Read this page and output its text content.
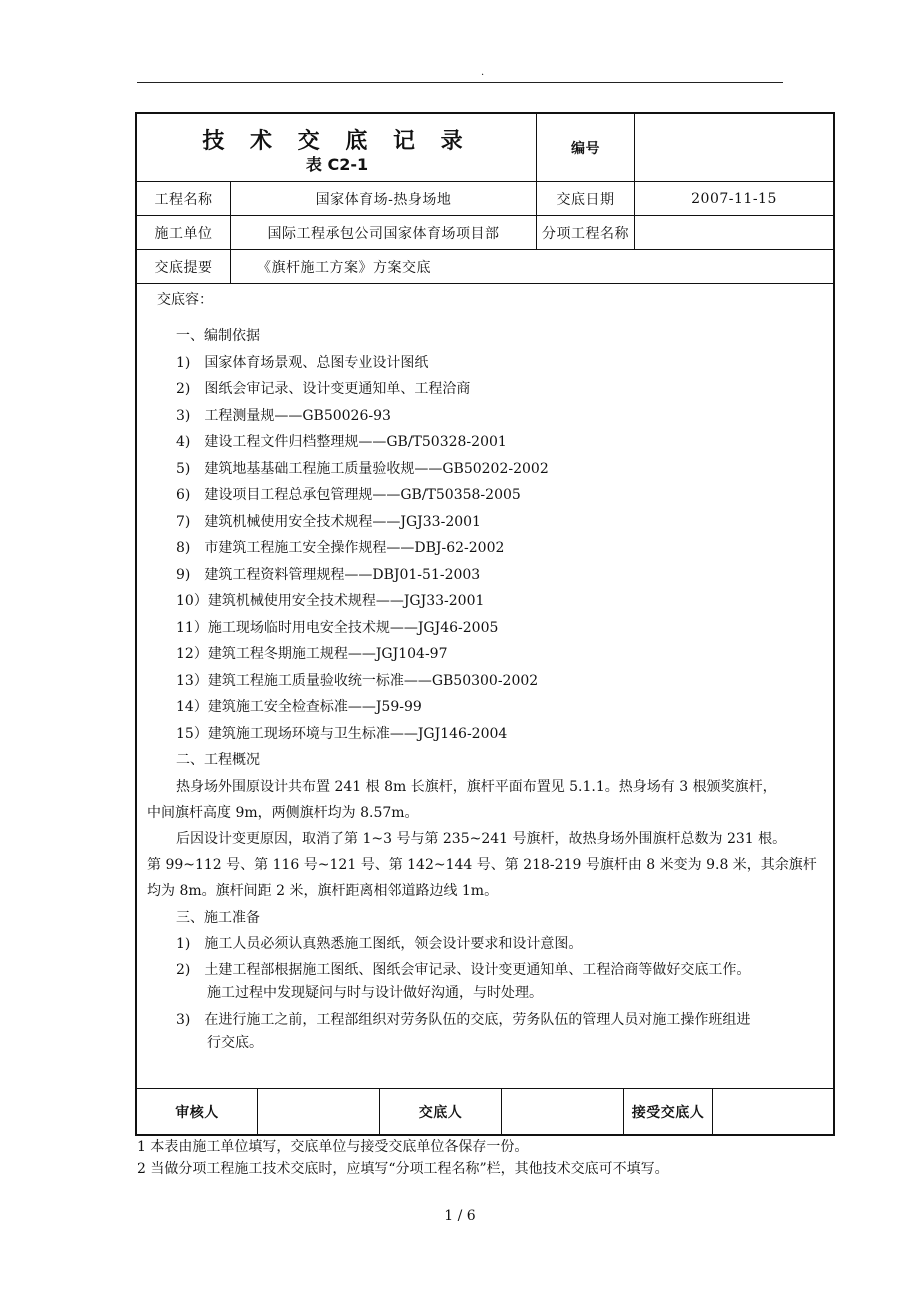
.
技 术 交 底 记 录
表 C2-1
编号
工程名称	国家体育场-热身场地	交底日期	2007-11-15
施工单位	国际工程承包公司国家体育场项目部	分项工程名称
交底提要	《旗杆施工方案》方案交底
交底容：
一、编制依据
1)　国家体育场景观、总图专业设计图纸
2)　图纸会审记录、设计变更通知单、工程洽商
3)　工程测量规——GB50026-93
4)　建设工程文件归档整理规——GB/T50328-2001
5)　建筑地基基础工程施工质量验收规——GB50202-2002
6)　建设项目工程总承包管理规——GB/T50358-2005
7)　建筑机械使用安全技术规程——JGJ33-2001
8)　市建筑工程施工安全操作规程——DBJ-62-2002
9)　建筑工程资料管理规程——DBJ01-51-2003
10）建筑机械使用安全技术规程——JGJ33-2001
11）施工现场临时用电安全技术规——JGJ46-2005
12）建筑工程冬期施工规程——JGJ104-97
13）建筑工程施工质量验收统一标准——GB50300-2002
14）建筑施工安全检查标准——J59-99
15）建筑施工现场环境与卫生标准——JGJ146-2004
二、工程概况
热身场外围原设计共布置 241 根 8m 长旗杆，旗杆平面布置见 5.1.1。热身场有 3 根颁奖旗杆，
中间旗杆高度 9m，两侧旗杆均为 8.57m。
后因设计变更原因，取消了第 1~3 号与第 235~241 号旗杆，故热身场外围旗杆总数为 231 根。
第 99~112 号、第 116 号~121 号、第 142~144 号、第 218-219 号旗杆由 8 米变为 9.8 米，其余旗杆
均为 8m。旗杆间距 2 米，旗杆距离相邻道路边线 1m。
三、施工准备
1)　施工人员必须认真熟悉施工图纸，领会设计要求和设计意图。
2)　土建工程部根据施工图纸、图纸会审记录、设计变更通知单、工程洽商等做好交底工作。
施工过程中发现疑问与时与设计做好沟通，与时处理。
3)　在进行施工之前，工程部组织对劳务队伍的交底，劳务队伍的管理人员对施工操作班组进
行交底。
审核人	交底人	接受交底人
1 本表由施工单位填写，交底单位与接受交底单位各保存一份。
2 当做分项工程施工技术交底时，应填写“分项工程名称”栏，其他技术交底可不填写。
1 / 6
